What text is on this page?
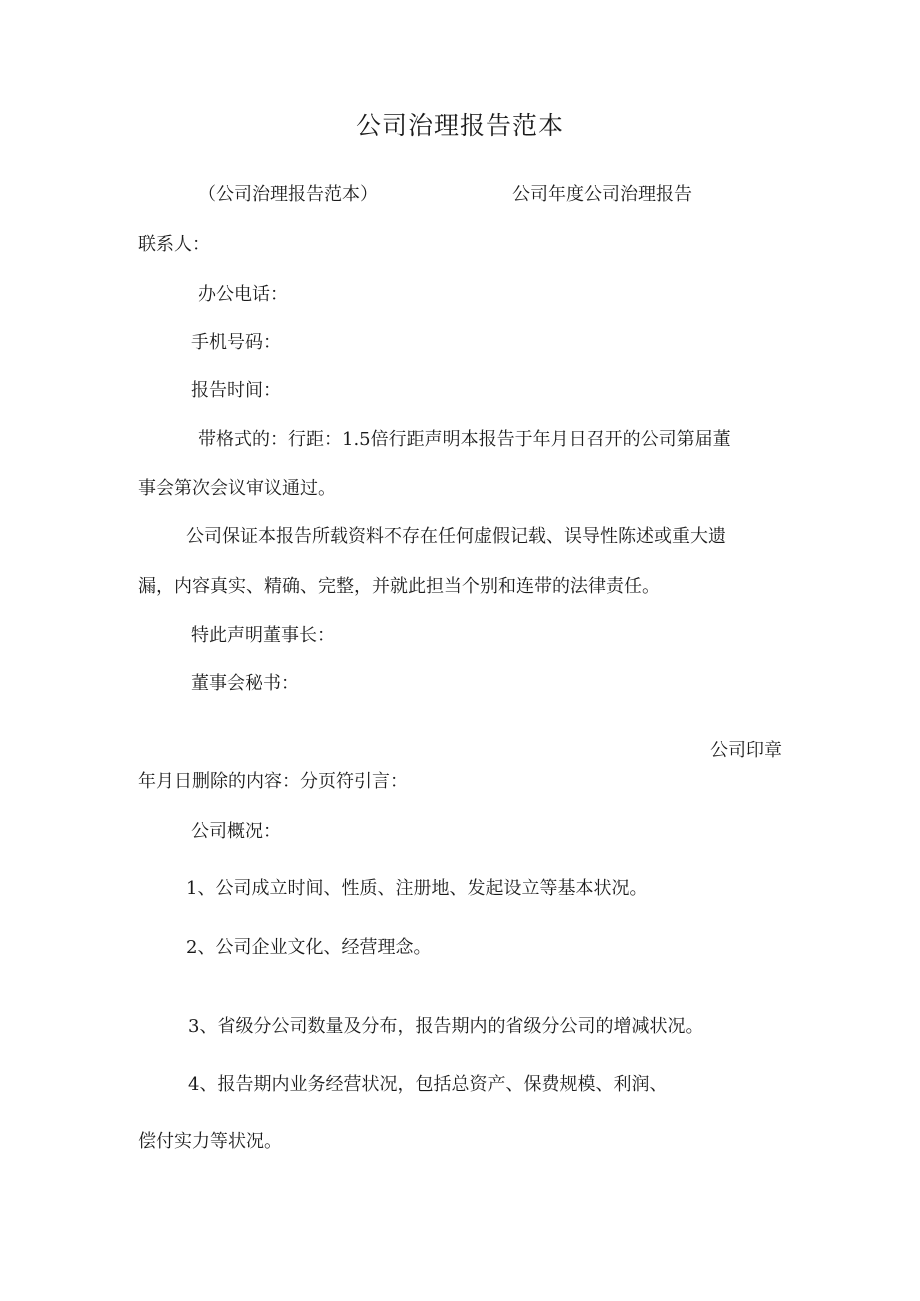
公司治理报告范本

（公司治理报告范本）	公司年度公司治理报告

联系人：

办公电话：

手机号码：

报告时间：

带格式的：行距：1.5倍行距声明本报告于年月日召开的公司第届董

事会第次会议审议通过。

公司保证本报告所载资料不存在任何虚假记载、误导性陈述或重大遗

漏，内容真实、精确、完整，并就此担当个别和连带的法律责任。

特此声明董事长：

董事会秘书：

公司印章

年月日删除的内容：分页符引言：

公司概况：

1、公司成立时间、性质、注册地、发起设立等基本状况。

2、公司企业文化、经营理念。

3、省级分公司数量及分布，报告期内的省级分公司的增减状况。

4、报告期内业务经营状况，包括总资产、保费规模、利润、

偿付实力等状况。
